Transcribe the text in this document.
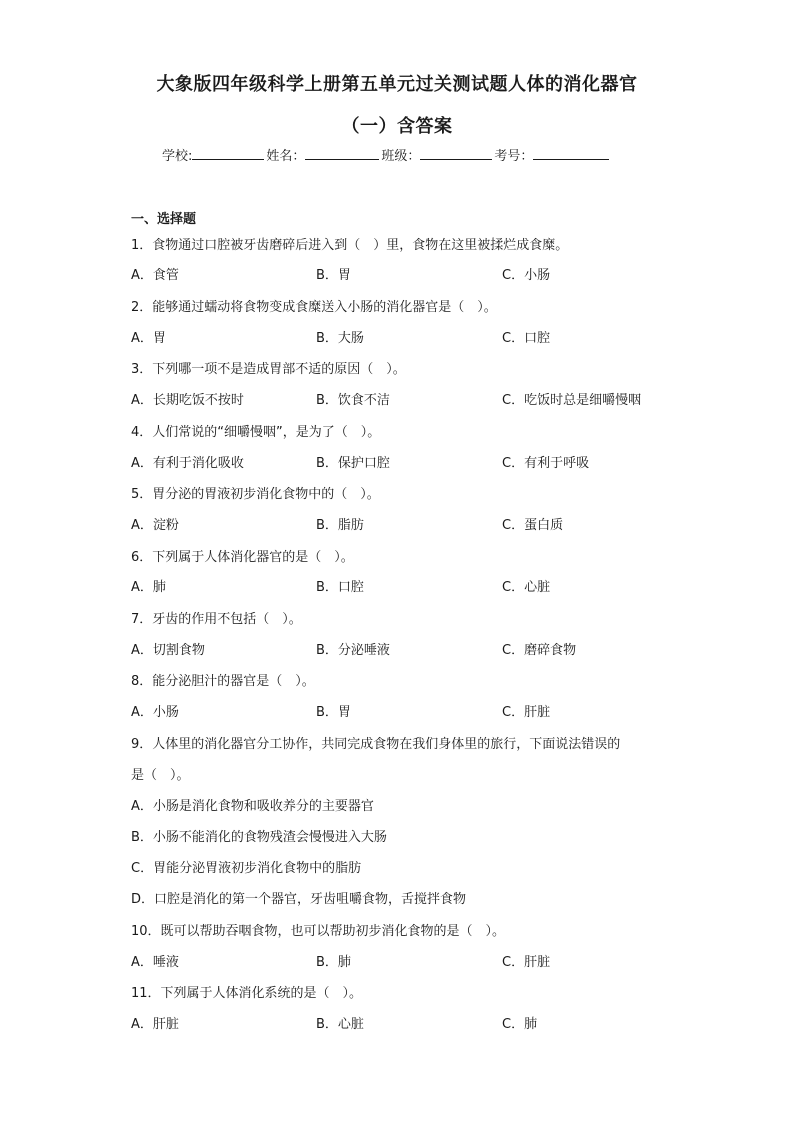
大象版四年级科学上册第五单元过关测试题人体的消化器官
（一）含答案
学校:	姓名：	班级：	考号：
一、选择题
1．食物通过口腔被牙齿磨碎后进入到（　）里，食物在这里被揉烂成食糜。
A．食管	B．胃	C．小肠
2．能够通过蠕动将食物变成食糜送入小肠的消化器官是（　）。
A．胃	B．大肠	C．口腔
3．下列哪一项不是造成胃部不适的原因（　）。
A．长期吃饭不按时	B．饮食不洁	C．吃饭时总是细嚼慢咽
4．人们常说的“细嚼慢咽”，是为了（　）。
A．有利于消化吸收	B．保护口腔	C．有利于呼吸
5．胃分泌的胃液初步消化食物中的（　）。
A．淀粉	B．脂肪	C．蛋白质
6．下列属于人体消化器官的是（　）。
A．肺	B．口腔	C．心脏
7．牙齿的作用不包括（　）。
A．切割食物	B．分泌唾液	C．磨碎食物
8．能分泌胆汁的器官是（　）。
A．小肠	B．胃	C．肝脏
9．人体里的消化器官分工协作，共同完成食物在我们身体里的旅行，下面说法错误的
是（　）。
A．小肠是消化食物和吸收养分的主要器官
B．小肠不能消化的食物残渣会慢慢进入大肠
C．胃能分泌胃液初步消化食物中的脂肪
D．口腔是消化的第一个器官，牙齿咀嚼食物，舌搅拌食物
10．既可以帮助吞咽食物，也可以帮助初步消化食物的是（　）。
A．唾液	B．肺	C．肝脏
11．下列属于人体消化系统的是（　）。
A．肝脏	B．心脏	C．肺
